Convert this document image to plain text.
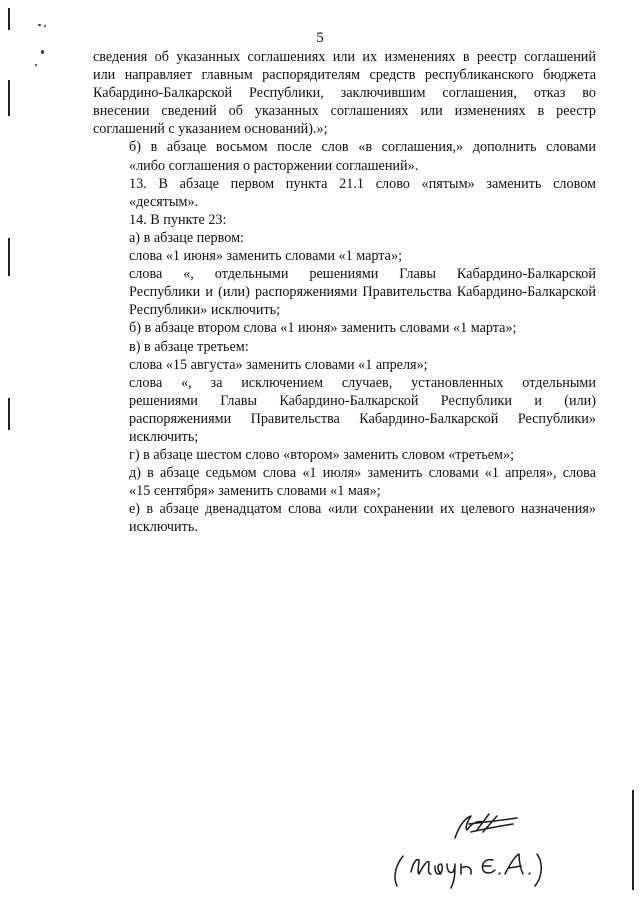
5
сведения об указанных соглашениях или их изменениях в реестр соглашений
или направляет главным распорядителям средств республиканского бюджета
Кабардино-Балкарской Республики, заключившим соглашения, отказ во
внесении сведений об указанных соглашениях или изменениях в реестр
соглашений с указанием оснований).»;
б) в абзаце восьмом после слов «в соглашения,» дополнить словами
«либо соглашения о расторжении соглашений».
13. В абзаце первом пункта 21.1 слово «пятым» заменить словом
«десятым».
14. В пункте 23:
а) в абзаце первом:
слова «1 июня» заменить словами «1 марта»;
слова «, отдельными решениями Главы Кабардино-Балкарской
Республики и (или) распоряжениями Правительства Кабардино-Балкарской
Республики» исключить;
б) в абзаце втором слова «1 июня» заменить словами «1 марта»;
в) в абзаце третьем:
слова «15 августа» заменить словами «1 апреля»;
слова «, за исключением случаев, установленных отдельными
решениями Главы Кабардино-Балкарской Республики и (или)
распоряжениями Правительства Кабардино-Балкарской Республики»
исключить;
г) в абзаце шестом слово «втором» заменить словом «третьем»;
д) в абзаце седьмом слова «1 июля» заменить словами «1 апреля», слова
«15 сентября» заменить словами «1 мая»;
е) в абзаце двенадцатом слова «или сохранении их целевого назначения»
исключить.
